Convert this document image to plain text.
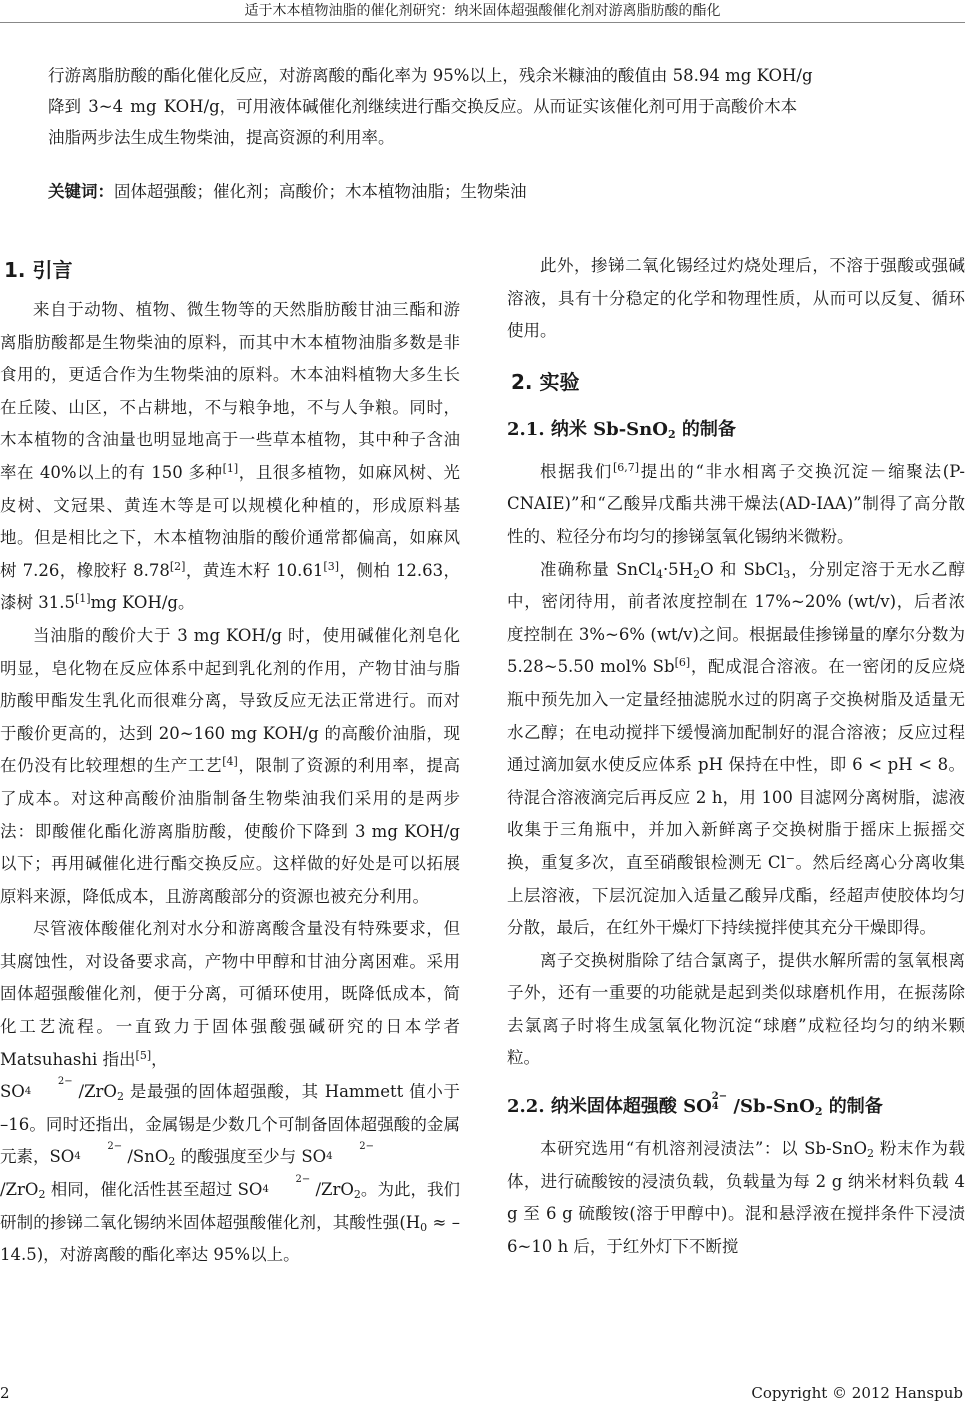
适于木本植物油脂的催化剂研究：纳米固体超强酸催化剂对游离脂肪酸的酯化
行游离脂肪酸的酯化催化反应，对游离酸的酯化率为 95%以上，残余米糠油的酸值由 58.94 mg KOH/g
降到 3~4 mg KOH/g，可用液体碱催化剂继续进行酯交换反应。从而证实该催化剂可用于高酸价木本
油脂两步法生成生物柴油，提高资源的利用率。
关键词：固体超强酸；催化剂；高酸价；木本植物油脂；生物柴油
1. 引言

来自于动物、植物、微生物等的天然脂肪酸甘油三酯和游离脂肪酸都是生物柴油的原料，而其中木本植物油脂多数是非食用的，更适合作为生物柴油的原料。木本油料植物大多生长在丘陵、山区，不占耕地，不与粮争地，不与人争粮。同时，木本植物的含油量也明显地高于一些草本植物，其中种子含油率在 40%以上的有 150 多种[1]，且很多植物，如麻风树、光皮树、文冠果、黄连木等是可以规模化种植的，形成原料基地。但是相比之下，木本植物油脂的酸价通常都偏高，如麻风树 7.26，橡胶籽 8.78[2]，黄连木籽 10.61[3]，侧柏 12.63，漆树 31.5[1]mg KOH/g。

当油脂的酸价大于 3 mg KOH/g 时，使用碱催化剂皂化明显，皂化物在反应体系中起到乳化剂的作用，产物甘油与脂肪酸甲酯发生乳化而很难分离，导致反应无法正常进行。而对于酸价更高的，达到 20~160 mg KOH/g 的高酸价油脂，现在仍没有比较理想的生产工艺[4]，限制了资源的利用率，提高了成本。对这种高酸价油脂制备生物柴油我们采用的是两步法：即酸催化酯化游离脂肪酸，使酸价下降到 3 mg KOH/g 以下；再用碱催化进行酯交换反应。这样做的好处是可以拓展原料来源，降低成本，且游离酸部分的资源也被充分利用。

尽管液体酸催化剂对水分和游离酸含量没有特殊要求，但其腐蚀性，对设备要求高，产物中甲醇和甘油分离困难。采用固体超强酸催化剂，便于分离，可循环使用，既降低成本，简化工艺流程。一直致力于固体强酸强碱研究的日本学者 Matsuhashi 指出[5]，
SO2−
4	/ZrO$_2$ 是最强的固体超强酸，其 Hammett 值小于 –16。同时还指出，金属锡是少数几个可制备固体超强酸的金属元素，SO2−
4	/SnO$_2$ 的酸强度至少与 SO2−
4
/ZrO$_2$ 相同，催化活性甚至超过 SO2−
4	/ZrO$_2$。为此，我们研制的掺锑二氧化锡纳米固体超强酸催化剂，其酸性强$(H_0 \approx -14.5)$，对游离酸的酯化率达 95%以上。

此外，掺锑二氧化锡经过灼烧处理后，不溶于强酸或强碱溶液，具有十分稳定的化学和物理性质，从而可以反复、循环使用。

2. 实验
2.1. 纳米 Sb-SnO$_2$ 的制备

根据我们[6,7]提出的“非水相离子交换沉淀－缩聚法(P-CNAIE)”和“乙酸异戊酯共沸干燥法(AD-IAA)”制得了高分散性的、粒径分布均匀的掺锑氢氧化锡纳米微粉。

准确称量 $SnCl_4\cdot 5H_2O$ 和 SbCl$_3$，分别定溶于无水乙醇中，密闭待用，前者浓度控制在 17%~20% (wt/v)，后者浓度控制在 3%~6% (wt/v)之间。根据最佳掺锑量的摩尔分数为 5.28~5.50 mol% Sb[6]，配成混合溶液。在一密闭的反应烧瓶中预先加入一定量经抽滤脱水过的阴离子交换树脂及适量无水乙醇；在电动搅拌下缓慢滴加配制好的混合溶液；反应过程通过滴加氨水使反应体系 pH 保持在中性，即 6 < pH < 8。待混合溶液滴完后再反应 2 h，用 100 目滤网分离树脂，滤液收集于三角瓶中，并加入新鲜离子交换树脂于摇床上振摇交换，重复多次，直至硝酸银检测无 Cl−。然后经离心分离收集上层溶液，下层沉淀加入适量乙酸异戊酯，经超声使胶体均匀分散，最后，在红外干燥灯下持续搅拌使其充分干燥即得。

离子交换树脂除了结合氯离子，提供水解所需的氢氧根离子外，还有一重要的功能就是起到类似球磨机作用，在振荡除去氯离子时将生成氢氧化物沉淀“球磨”成粒径均匀的纳米颗粒。

2.2. 纳米固体超强酸 SO2−
4 /Sb-SnO$_2$ 的制备

本研究选用“有机溶剂浸渍法”：以 Sb-SnO$_2$ 粉末作为载体，进行硫酸铵的浸渍负载，负载量为每 2 g 纳米材料负载 4 g 至 6 g 硫酸铵(溶于甲醇中)。混和悬浮液在搅拌条件下浸渍 6~10 h 后，于红外灯下不断搅

2	Copyright © 2012 Hanspub
